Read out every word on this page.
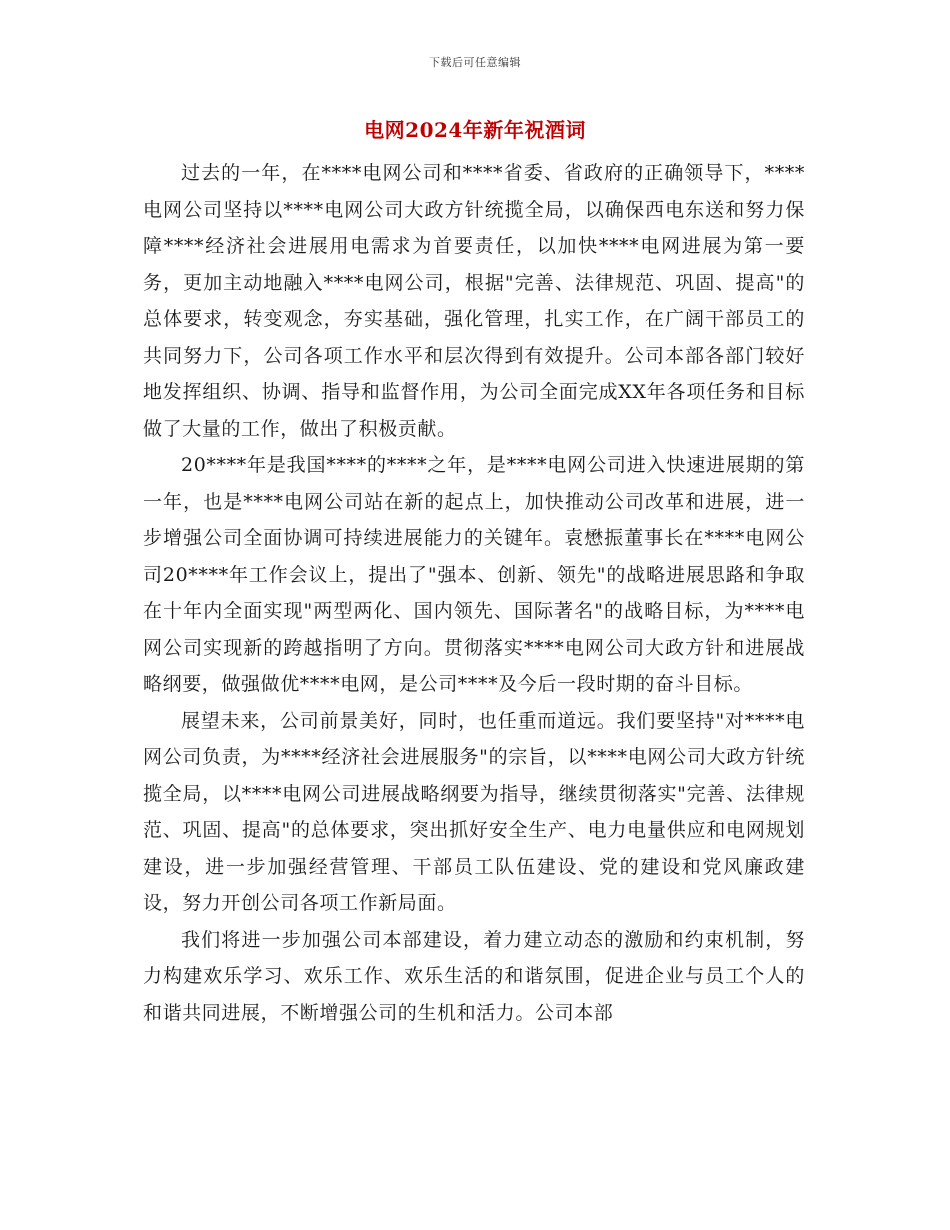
下载后可任意编辑
电网2024年新年祝酒词

过去的一年，在****电网公司和****省委、省政府的正确领导下，****电网公司坚持以****电网公司大政方针统揽全局，以确保西电东送和努力保障****经济社会进展用电需求为首要责任，以加快****电网进展为第一要务，更加主动地融入****电网公司，根据"完善、法律规范、巩固、提高"的总体要求，转变观念，夯实基础，强化管理，扎实工作，在广阔干部员工的共同努力下，公司各项工作水平和层次得到有效提升。公司本部各部门较好地发挥组织、协调、指导和监督作用，为公司全面完成XX年各项任务和目标做了大量的工作，做出了积极贡献。

20****年是我国****的****之年，是****电网公司进入快速进展期的第一年，也是****电网公司站在新的起点上，加快推动公司改革和进展，进一步增强公司全面协调可持续进展能力的关键年。袁懋振董事长在****电网公司20****年工作会议上，提出了"强本、创新、领先"的战略进展思路和争取在十年内全面实现"两型两化、国内领先、国际著名"的战略目标，为****电网公司实现新的跨越指明了方向。贯彻落实****电网公司大政方针和进展战略纲要，做强做优****电网，是公司****及今后一段时期的奋斗目标。

展望未来，公司前景美好，同时，也任重而道远。我们要坚持"对****电网公司负责，为****经济社会进展服务"的宗旨，以****电网公司大政方针统揽全局，以****电网公司进展战略纲要为指导，继续贯彻落实"完善、法律规范、巩固、提高"的总体要求，突出抓好安全生产、电力电量供应和电网规划建设，进一步加强经营管理、干部员工队伍建设、党的建设和党风廉政建设，努力开创公司各项工作新局面。

我们将进一步加强公司本部建设，着力建立动态的激励和约束机制，努力构建欢乐学习、欢乐工作、欢乐生活的和谐氛围，促进企业与员工个人的和谐共同进展，不断增强公司的生机和活力。公司本部
